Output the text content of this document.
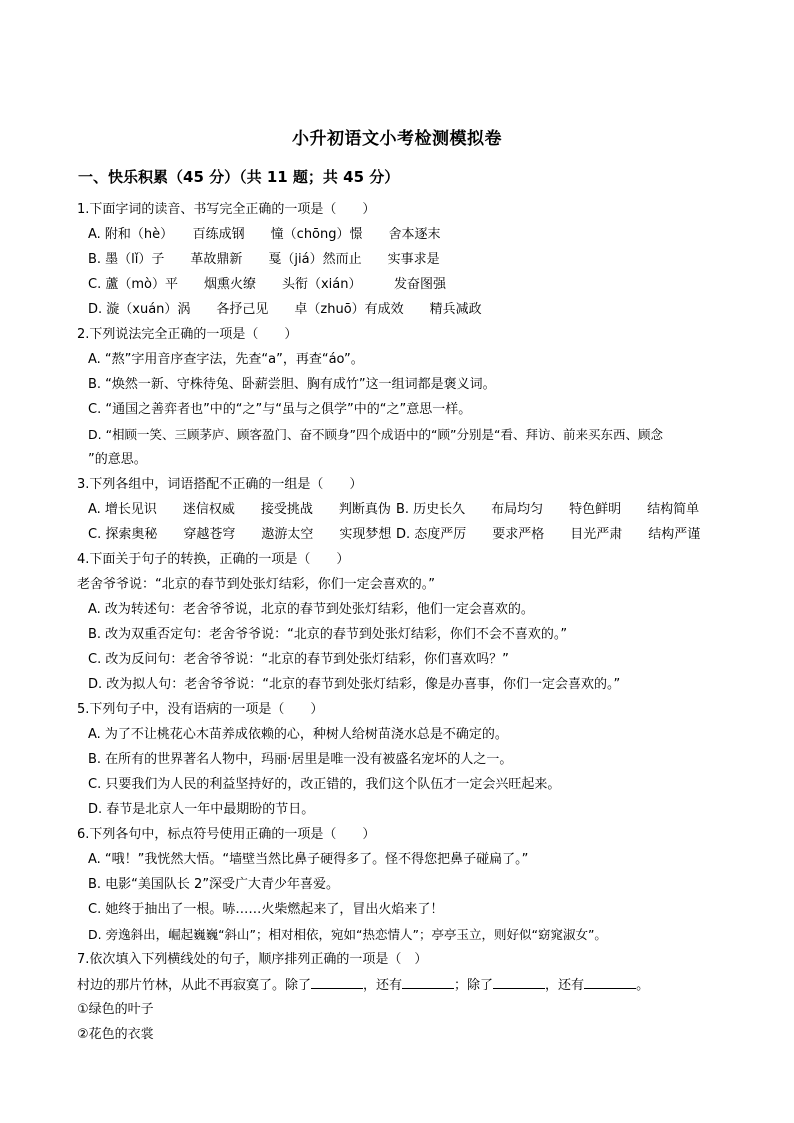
小升初语文小考检测模拟卷
一、快乐积累（45 分）（共 11 题；共 45 分）
1.下面字词的读音、书写完全正确的一项是（　　）
A. 附和（hè）　　百练成钢　　憧（chōng）憬　　舍本逐末
B. 墨（lǐ）子　　革故鼎新　　戛（jiá）然而止　　实事求是
C. 蘆（mò）平　　烟熏火缭　　头衔（xián）　　　发奋图强
D. 漩（xuán）涡　　各抒己见　　卓（zhuō）有成效　　精兵减政
2.下列说法完全正确的一项是（　　）
A. “熬”字用音序查字法，先查“a”，再查“áo”。
B. “焕然一新、守株待兔、卧薪尝胆、胸有成竹”这一组词都是褒义词。
C. “通国之善弈者也”中的“之”与“虽与之俱学”中的“之”意思一样。
D. “相顾一笑、三顾茅庐、顾客盈门、奋不顾身”四个成语中的“顾”分别是“看、拜访、前来买东西、顾念
”的意思。
3.下列各组中，词语搭配不正确的一组是（　　）
A. 增长见识　　迷信权威　　接受挑战　　判断真伪 B. 历史长久　　布局均匀　　特色鲜明　　结构简单
C. 探索奥秘　　穿越苍穹　　遨游太空　　实现梦想 D. 态度严厉　　要求严格　　目光严肃　　结构严谨
4.下面关于句子的转换，正确的一项是（　　）
老舍爷爷说：“北京的春节到处张灯结彩，你们一定会喜欢的。”
A. 改为转述句：老舍爷爷说，北京的春节到处张灯结彩，他们一定会喜欢的。
B. 改为双重否定句：老舍爷爷说：“北京的春节到处张灯结彩，你们不会不喜欢的。”
C. 改为反问句：老舍爷爷说：“北京的春节到处张灯结彩，你们喜欢吗？”
D. 改为拟人句：老舍爷爷说：“北京的春节到处张灯结彩，像是办喜事，你们一定会喜欢的。”
5.下列句子中，没有语病的一项是（　　）
A. 为了不让桃花心木苗养成依赖的心，种树人给树苗浇水总是不确定的。
B. 在所有的世界著名人物中，玛丽·居里是唯一没有被盛名宠坏的人之一。
C. 只要我们为人民的利益坚持好的，改正错的，我们这个队伍才一定会兴旺起来。
D. 春节是北京人一年中最期盼的节日。
6.下列各句中，标点符号使用正确的一项是（　　）
A. “哦！”我恍然大悟。“墙壁当然比鼻子硬得多了。怪不得您把鼻子碰扁了。”
B. 电影“美国队长 2”深受广大青少年喜爱。
C. 她终于抽出了一根。哧……火柴燃起来了，冒出火焰来了！
D. 旁逸斜出，崛起巍巍“斜山”；相对相依，宛如“热恋情人”；亭亭玉立，则好似“窈窕淑女”。
7.依次填入下列横线处的句子，顺序排列正确的一项是（　）
村边的那片竹林，从此不再寂寞了。除了	，还有	；除了	，还有	。
①绿色的叶子
②花色的衣裳
